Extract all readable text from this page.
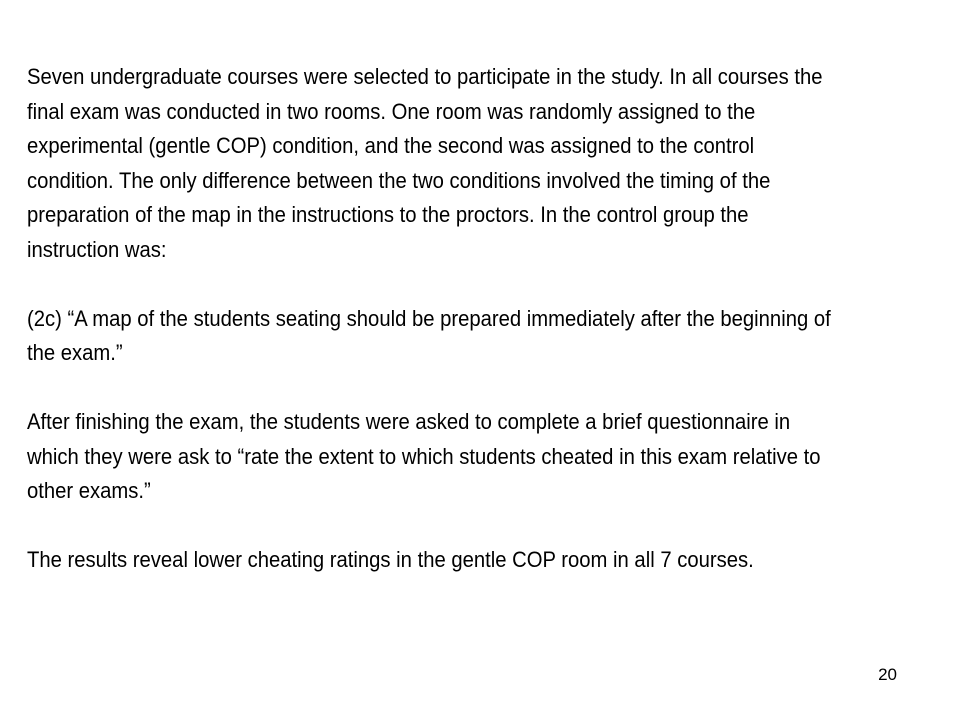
Seven undergraduate courses were selected to participate in the study. In all courses the final exam was conducted in two rooms. One room was randomly assigned to the experimental (gentle COP) condition, and the second was assigned to the control condition. The only difference between the two conditions involved the timing of the preparation of the map in the instructions to the proctors. In the control group the instruction was:

(2c) “A map of the students seating should be prepared immediately after the beginning of the exam.”

After finishing the exam, the students were asked to complete a brief questionnaire in which they were ask to “rate the extent to which students cheated in this exam relative to other exams.”

The results reveal lower cheating ratings in the gentle COP room in all 7 courses.

20
